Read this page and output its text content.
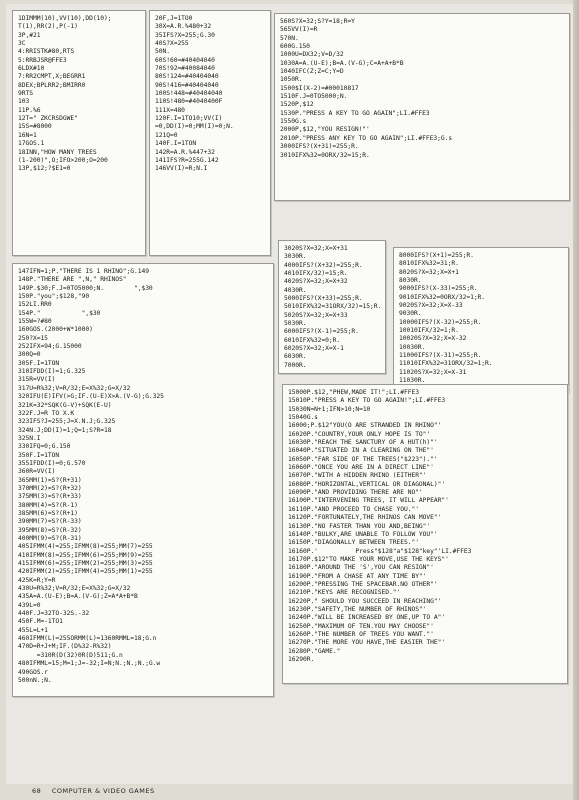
1DIMMM(10),VV(10),DD(10);
T(1),RR(2),P(-1)
3P,#21
3C
4:RRISTK#80,RTS
5:RRBJSR@FFE3
6LDX#10
7:RR2CMPT,X;BEGRR1
8DEX;BPLRR2;BMIRR0
9RTS
103
11P.%6
12T=" ZKCRSDGWE"
15S=#8000
16N=1
17GOS.1
18INN,"HOW MANY TREES
(1-200)",O;IFO>200;O=200
13P,$12;?$E1=0
20F,J=1TO0
30X=A.R.%480+32
35IFS?X=255;G.30
40S?X=255
50N.
60S!60=#40404040
70S!92=#40084040
80S!124=#40404040
90S!416=#40404040
100S!448=#40404040
110S!480=#4040400F
111X=480
120F.I=1TO10;VV(I)
=0,DD(I)=0;MM(I)=0;N.
121Q=0
140F.I=1TON
142R=A.R.%447+32
141IFS?R=255G.142
146VV(I)=R;N.I
560S?X=32;S?Y=18;R=Y
565VV(I)=R
570N.
600G.150
1000U=DX32;V=D/32
1030A=A.(U-E);B=A.(V-G);C=A+A+B*B
1040IFC(Z;Z=C;Y=D
1050R.
1500$I(X-2)=#00010817
1510F.J=0TO5000;N.
1520P,$12
1530P."PRESS A KEY TO GO AGAIN";LI.#FFE3
1550G.s
2000P,$12,"YOU RESIGN!"'
2010P."PRESS ANY KEY TO GO AGAIN";LI.#FFE3;G.s
3000IFS?(X+31)=255;R.
3010IFX%32=0ORX/32=15;R.
147IFN=1;P."THERE IS 1 RHINO";G.149
148P."THERE ARE ",N," RHINOS"
149P.$30;F.J=0TO5000;N.        ",$30
150P."you";$128,"90
152LI.RR0
154P."           ",$30
155W=?#80
160GOS.(2000+W*1000)
250?X=15
252IFX=94;G.15000
300Q=0
305F.I=1TON
310IFDD(I)=1;G.325
315R=VV(I)
317U=R%32;V=R/32;E=X%32;G=X/32
320IFU(E)IFV(>G;IF.(U-E)X>A.(V-G);G.325
321K=32*SQK(G-V)+SQK(E-U)
322F.J=R TO X.K
323IFS?J=255;J=X.N.J;G.325
324N.J;DD(I)=1;Q=1;S?R=18
325N.I
330IFQ=0;G.150
350F.I=1TON
355IFDD(I)=0;G.570
360R=VV(I)
365MM(1)=S?(R+31)
370MM(2)=S?(R+32)
375MM(3)=S?(R+33)
380MM(4)=S?(R-1)
385MM(6)=S?(R+1)
390MM(7)=S?(R-33)
395MM(8)=S?(R-32)
400MM(9)=S?(R-31)
405IFMM(4)=255;IFMM(8)=255;MM(7)=255
410IFMM(8)=255;IFMM(6)=255;MM(9)=255
415IFMM(6)=255;IFMM(2)=255;MM(3)=255
420IFMM(2)=255;IFMM(4)=255;MM(1)=255
425K=R;Y=R
430U=R%32;V=R/32;E=X%32;G=X/32
435A=A.(U-E);B=A.(V-G);Z=A*A+B*B
439L=0
440F.J=32TO-32S.-32
450F.M=-1TO1
455L=L+1
460IFMM(L)=255ORMM(L)=1360RMML=18;G.n
470D=R+J+M;IF.(D%32-R%32)
=310R(D(32)0R(D)511;G.n
480IFMML=15;M=1;J=-32;I=N;N.;N.;N.;G.w
490GOS.r
500nN.;N.
3020S?X=32;X=X+31
3030R.
4000IFS?(X+32)=255;R.
4010IFX/32)=15;R.
4020S?X=32;X=X+32
4030R.
5000IFS?(X+33)=255;R.
5010IFX%32=31ORX/32)=15;R.
5020S?X=32;X=X+33
5030R.
6000IFS?(X-1)=255;R.
6010IFX%32=0;R.
6020S?X=32;X=X-1
6030R.
7000R.
8000IFS?(X+1)=255;R.
8010IFX%32=31;R.
8020S?X=32;X=X+1
8030R.
9000IFS?(X-33)=255;R.
9010IFX%32=0ORX/32=1;R.
9020S?X=32;X=X-33
9030R.
10000IFS?(X-32)=255;R.
10010IFX/32=1;R.
10020S?X=32;X=X-32
10030R.
11000IFS?(X-31)=255;R.
11010IFX%32=31ORX/32=1;R.
11020S?X=32;X=X-31
11030R.
15000P.$12,"PHEW,MADE IT!";LI.#FFE3
15010P."PRESS A KEY TO GO AGAIN!";LI.#FFE3
15030N=N+1;IFN>10;N=10
15040G.s
16000;P.$12"YOU(O ARE STRANDED IN RHINO"'
16020P."COUNTRY,YOUR ONLY HOPE IS TO"'
16030P."REACH THE SANCTURY OF A HUT(h)"'
16040P."SITUATED IN A CLEARING ON THE"'
16050P."FAR SIDE OF THE TREES("$223")."'
16060P."ONCE YOU ARE IN A DIRECT LINE"'
16070P."WITH A HIDDEN RHINO (EITHER"'
16080P."HORIZONTAL,VERTICAL OR DIAGONAL)"'
16090P."AND PROVIDING THERE ARE NO"'
16100P."INTERVENING TREES, IT WILL APPEAR"'
16110P."AND PROCEED TO CHASE YOU."'
16120P."FORTUNATELY,THE RHINOS CAN MOVE"'
16130P."NO FASTER THAN YOU AND,BEING"'
16140P."BULKY,ARE UNABLE TO FOLLOW YOU"'
16150P."DIAGONALLY BETWEEN TREES."'
16160P.'          Press"$128"a"$128"key"'LI.#FFE3
16170P.$12"TO MAKE YOUR MOVE,USE THE KEYS"'
16180P."AROUND THE 'S',YOU CAN RESIGN"'
16190P."FROM A CHASE AT ANY TIME BY"'
16200P."PRESSING THE SPACEBAR.NO OTHER"'
16210P."KEYS ARE RECOGNISED."'
16220P." SHOULD YOU SUCCEED IN REACHING"'
16230P."SAFETY,THE NUMBER OF RHINOS"'
16240P."WILL BE INCREASED BY ONE,UP TO A"'
16250P."MAXIMUM OF TEN.YOU MAY CHOOSE"'
16260P."THE NUMBER OF TREES YOU WANT."'
16270P."THE MORE YOU HAVE,THE EASIER THE"'
16280P."GAME."
16290R.
68 COMPUTER & VIDEO GAMES
